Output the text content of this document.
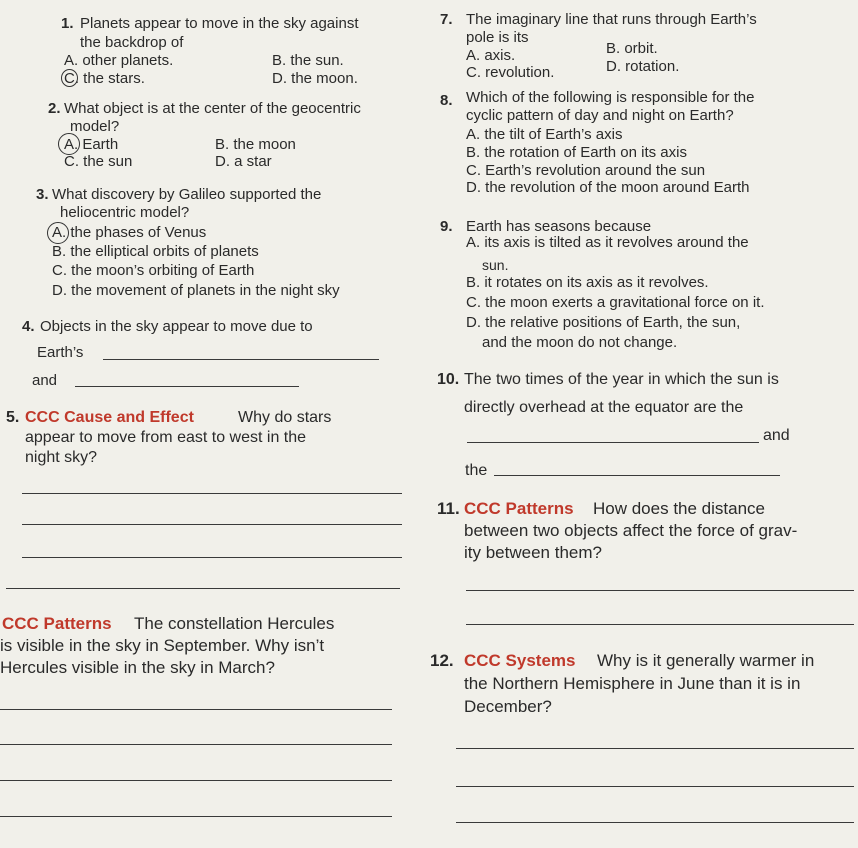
1. Planets appear to move in the sky against
the backdrop of
A. other planets.	B. the sun.
C. the stars.	D. the moon.
2. What object is at the center of the geocentric
model?
A. Earth	B. the moon
C. the sun	D. a star
3. What discovery by Galileo supported the
heliocentric model?
A. the phases of Venus
B. the elliptical orbits of planets
C. the moon’s orbiting of Earth
D. the movement of planets in the night sky
4. Objects in the sky appear to move due to
Earth’s
and
5. CCC Cause and Effect	Why do stars
appear to move from east to west in the
night sky?
CCC Patterns The constellation Hercules
is visible in the sky in September. Why isn’t
Hercules visible in the sky in March?
7. The imaginary line that runs through Earth’s
pole is its
A. axis.	B. orbit.
C. revolution.	D. rotation.
8. Which of the following is responsible for the
cyclic pattern of day and night on Earth?
A. the tilt of Earth’s axis
B. the rotation of Earth on its axis
C. Earth’s revolution around the sun
D. the revolution of the moon around Earth
9. Earth has seasons because
A. its axis is tilted as it revolves around the
sun.
B. it rotates on its axis as it revolves.
C. the moon exerts a gravitational force on it.
D. the relative positions of Earth, the sun,
and the moon do not change.
10. The two times of the year in which the sun is
directly overhead at the equator are the
and
the
11. CCC Patterns How does the distance
between two objects affect the force of grav-
ity between them?
12. CCC Systems Why is it generally warmer in
the Northern Hemisphere in June than it is in
December?
